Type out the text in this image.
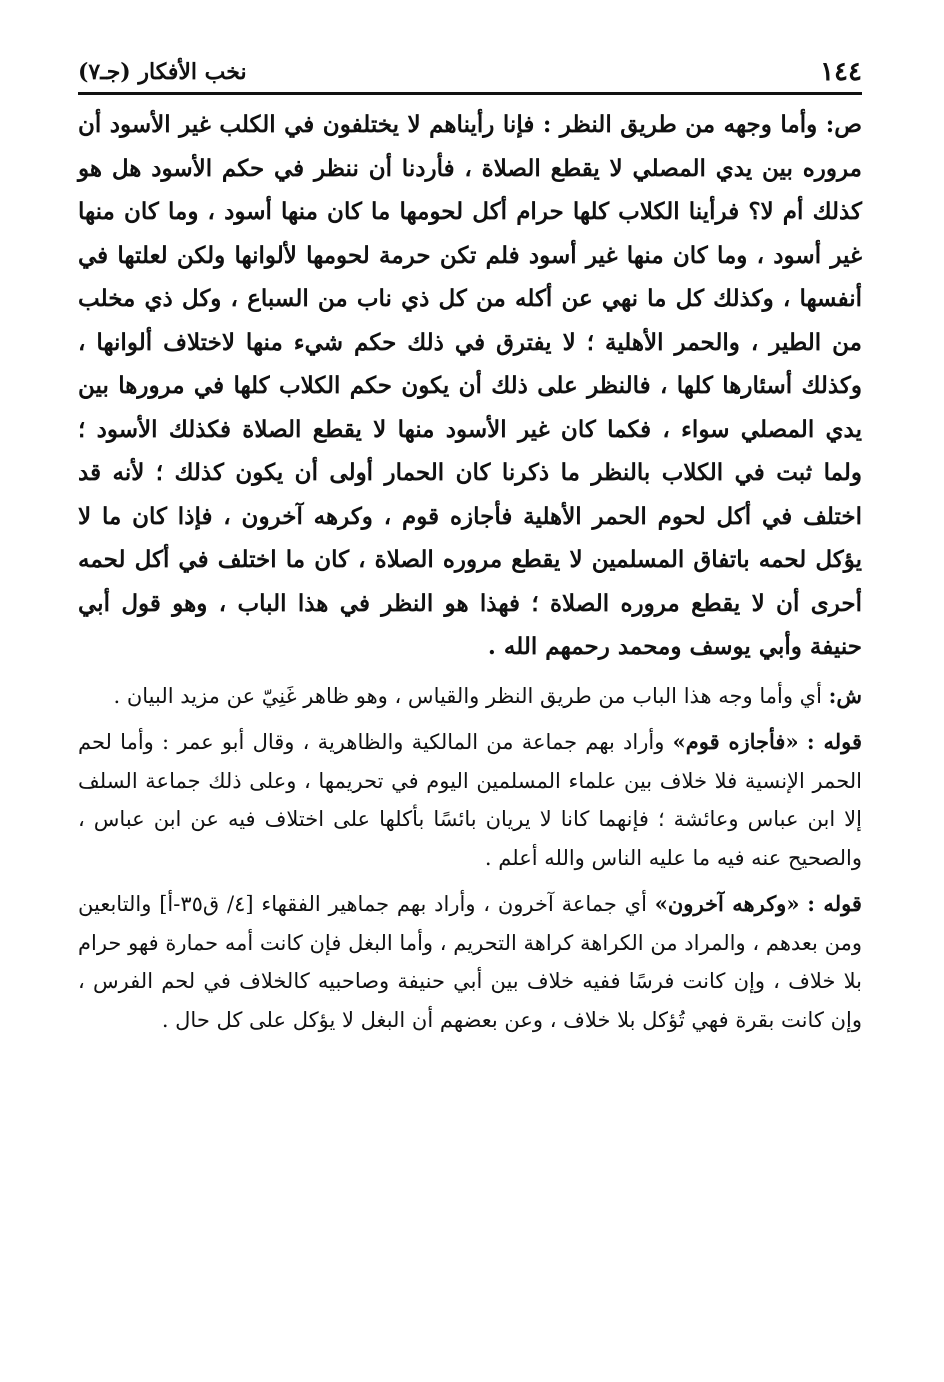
١٤٤
نخب الأفكار (جـ٧)

ص: وأما وجهه من طريق النظر : فإنا رأيناهم لا يختلفون في الكلب غير الأسود أن مروره بين يدي المصلي لا يقطع الصلاة ، فأردنا أن ننظر في حكم الأسود هل هو كذلك أم لا؟ فرأينا الكلاب كلها حرام أكل لحومها ما كان منها أسود ، وما كان منها غير أسود ، وما كان منها غير أسود فلم تكن حرمة لحومها لألوانها ولكن لعلتها في أنفسها ، وكذلك كل ما نهي عن أكله من كل ذي ناب من السباع ، وكل ذي مخلب من الطير ، والحمر الأهلية ؛ لا يفترق في ذلك حكم شيء منها لاختلاف ألوانها ، وكذلك أسئارها كلها ، فالنظر على ذلك أن يكون حكم الكلاب كلها في مرورها بين يدي المصلي سواء ، فكما كان غير الأسود منها لا يقطع الصلاة فكذلك الأسود ؛ ولما ثبت في الكلاب بالنظر ما ذكرنا كان الحمار أولى أن يكون كذلك ؛ لأنه قد اختلف في أكل لحوم الحمر الأهلية فأجازه قوم ، وكرهه آخرون ، فإذا كان ما لا يؤكل لحمه باتفاق المسلمين لا يقطع مروره الصلاة ، كان ما اختلف في أكل لحمه أحرى أن لا يقطع مروره الصلاة ؛ فهذا هو النظر في هذا الباب ، وهو قول أبي حنيفة وأبي يوسف ومحمد رحمهم الله .

ش: أي وأما وجه هذا الباب من طريق النظر والقياس ، وهو ظاهر غَنِيّ عن مزيد البيان .

قوله : «فأجازه قوم» وأراد بهم جماعة من المالكية والظاهرية ، وقال أبو عمر : وأما لحم الحمر الإنسية فلا خلاف بين علماء المسلمين اليوم في تحريمها ، وعلى ذلك جماعة السلف إلا ابن عباس وعائشة ؛ فإنهما كانا لا يريان بائسًا بأكلها على اختلاف فيه عن ابن عباس ، والصحيح عنه فيه ما عليه الناس والله أعلم .

قوله : «وكرهه آخرون» أي جماعة آخرون ، وأراد بهم جماهير الفقهاء [٤/ ق٣٥-أ] والتابعين ومن بعدهم ، والمراد من الكراهة كراهة التحريم ، وأما البغل فإن كانت أمه حمارة فهو حرام بلا خلاف ، وإن كانت فرسًا ففيه خلاف بين أبي حنيفة وصاحبيه كالخلاف في لحم الفرس ، وإن كانت بقرة فهي تُؤكل بلا خلاف ، وعن بعضهم أن البغل لا يؤكل على كل حال .
